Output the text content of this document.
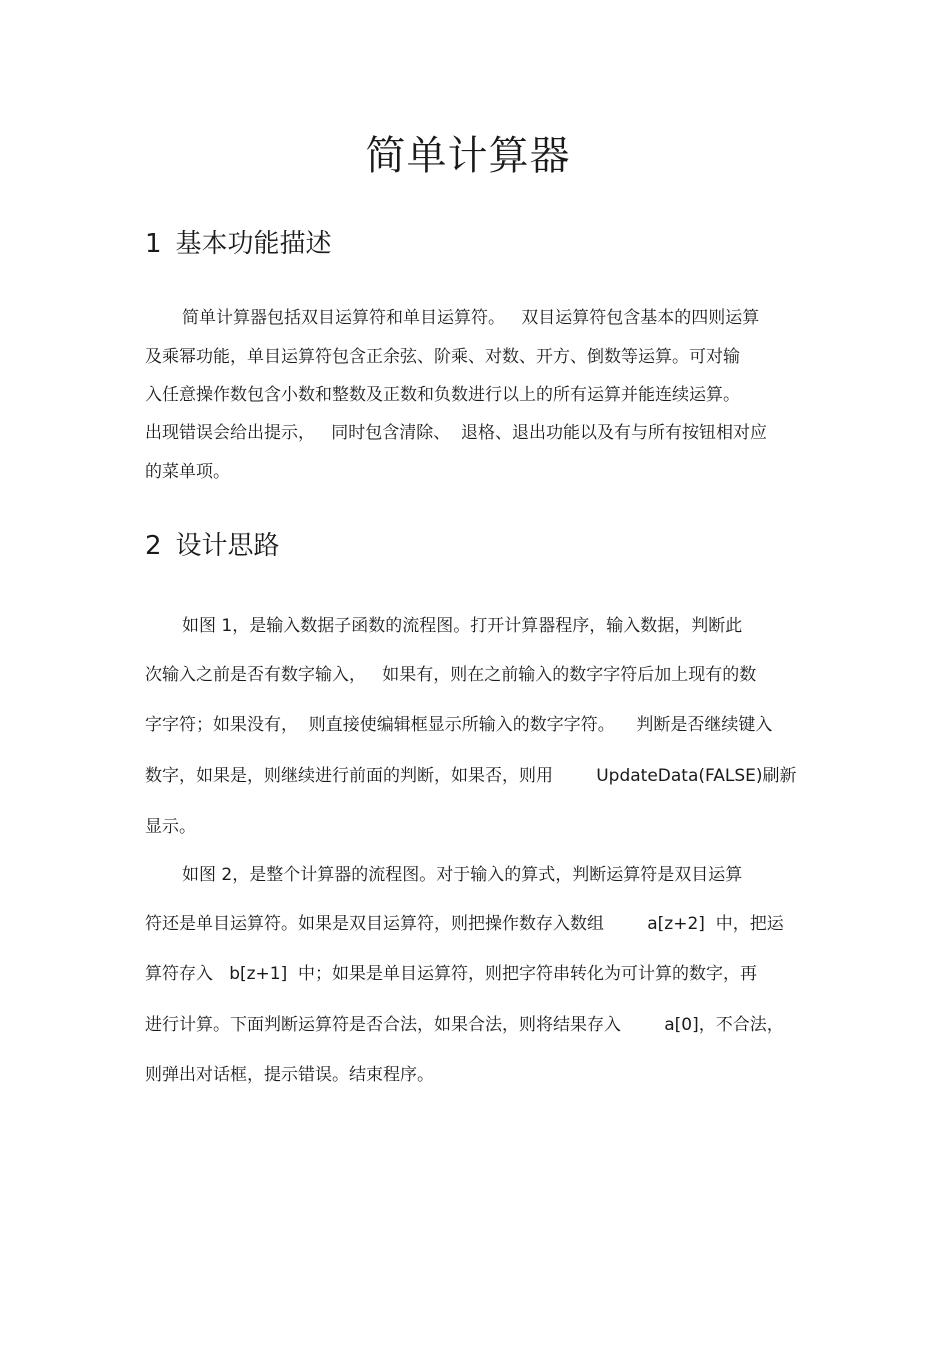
简单计算器
1 基本功能描述

简单计算器包括双目运算符和单目运算符。   双目运算符包含基本的四则运算

及乘幂功能，单目运算符包含正余弦、阶乘、对数、开方、倒数等运算。可对输

入任意操作数包含小数和整数及正数和负数进行以上的所有运算并能连续运算。

出现错误会给出提示，   同时包含清除、  退格、退出功能以及有与所有按钮相对应

的菜单项。

2 设计思路

如图 1，是输入数据子函数的流程图。打开计算器程序，输入数据，判断此

次输入之前是否有数字输入，   如果有，则在之前输入的数字字符后加上现有的数

字字符；如果没有，  则直接使编辑框显示所输入的数字字符。    判断是否继续键入

数字，如果是，则继续进行前面的判断，如果否，则用        UpdateData(FALSE)刷新

显示。

如图 2，是整个计算器的流程图。对于输入的算式，判断运算符是双目运算

符还是单目运算符。如果是双目运算符，则把操作数存入数组        a[z+2]  中，把运

算符存入   b[z+1]  中；如果是单目运算符，则把字符串转化为可计算的数字，再

进行计算。下面判断运算符是否合法，如果合法，则将结果存入        a[0]，不合法，

则弹出对话框，提示错误。结束程序。
